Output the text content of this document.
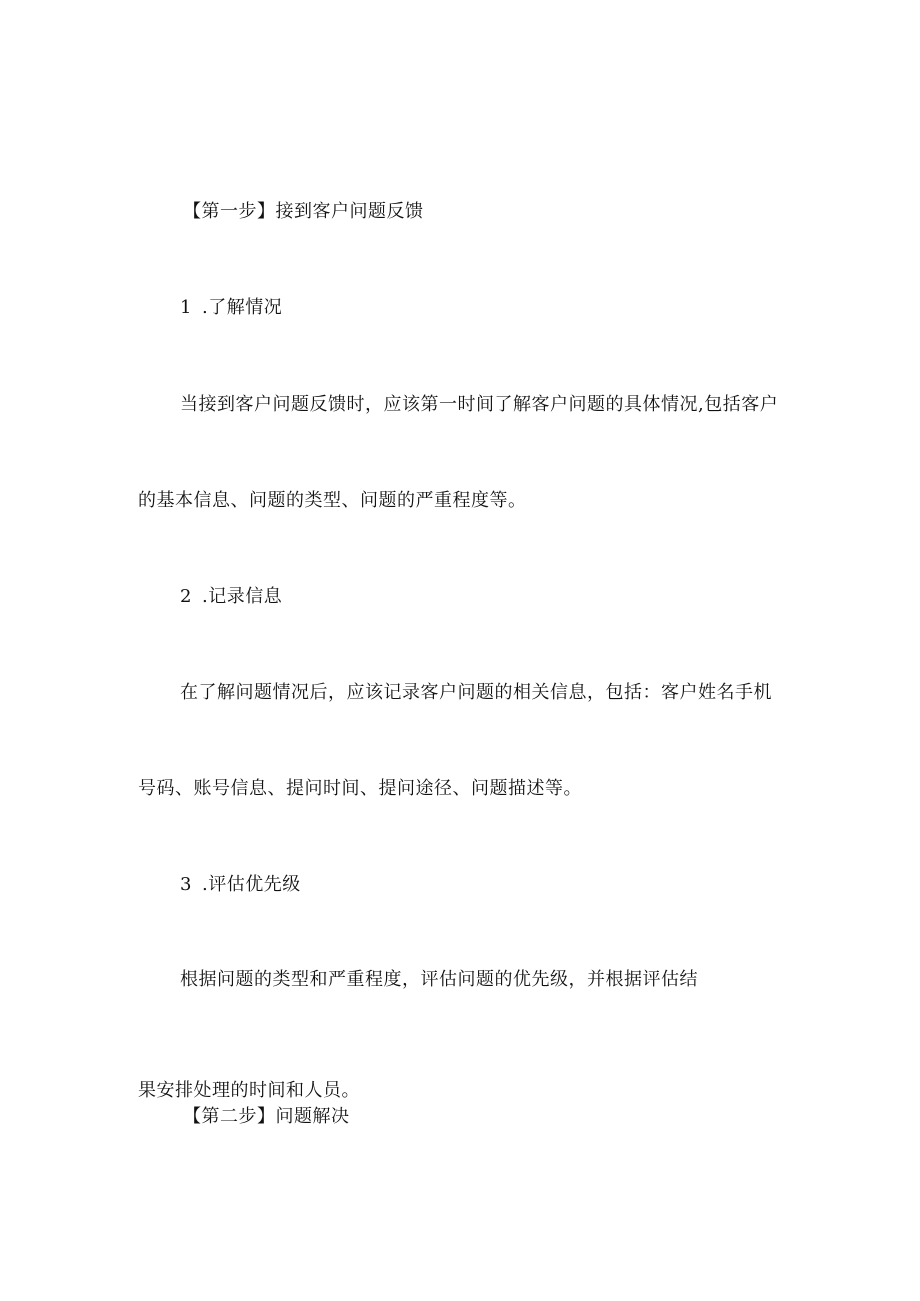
【第一步】接到客户问题反馈
1 .了解情况
当接到客户问题反馈时，应该第一时间了解客户问题的具体情况,包括客户
的基本信息、问题的类型、问题的严重程度等。
2 .记录信息
在了解问题情况后，应该记录客户问题的相关信息，包括：客户姓名手机
号码、账号信息、提问时间、提问途径、问题描述等。
3 .评估优先级
根据问题的类型和严重程度，评估问题的优先级，并根据评估结
果安排处理的时间和人员。
【第二步】问题解决
